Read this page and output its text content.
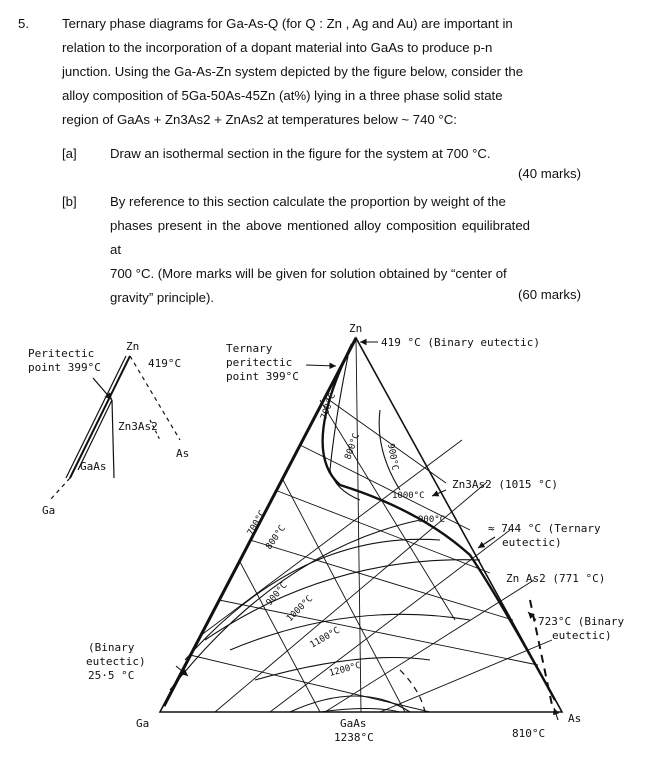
5.	Ternary phase diagrams for Ga-As-Q (for Q : Zn , Ag and Au) are important in
relation to the incorporation of a dopant material into GaAs to produce p-n
junction. Using the Ga-As-Zn system depicted by the figure below, consider the
alloy composition of 5Ga-50As-45Zn (at%) lying in a three phase solid state
region of GaAs + Zn3As2 + ZnAs2 at temperatures below ~ 740 °C:
[a]	Draw an isothermal section in the figure for the system at 700 °C.
(40 marks)
[b]	By reference to this section calculate the proportion by weight of the
phases present in the above mentioned alloy composition equilibrated at
700 °C. (More marks will be given for solution obtained by “center of
gravity” principle).	(60 marks)
Peritectic
point 399°C
Zn
419°C
Zn3As2
As
GaAs
Ga
Zn
419 °C (Binary eutectic)
Ternary
peritectic
point 399°C
Zn3As2 (1015 °C)
≈ 744 °C (Ternary
eutectic)
Zn As2 (771 °C)
723°C (Binary
eutectic)
(Binary
eutectic)
25·5 °C
Ga	GaAs
1238°C
As
810°C
700°C
800°C	900°C
1000°C
900°C
700°C
800°C
900°C
1000°C
1100°C
1200°C
